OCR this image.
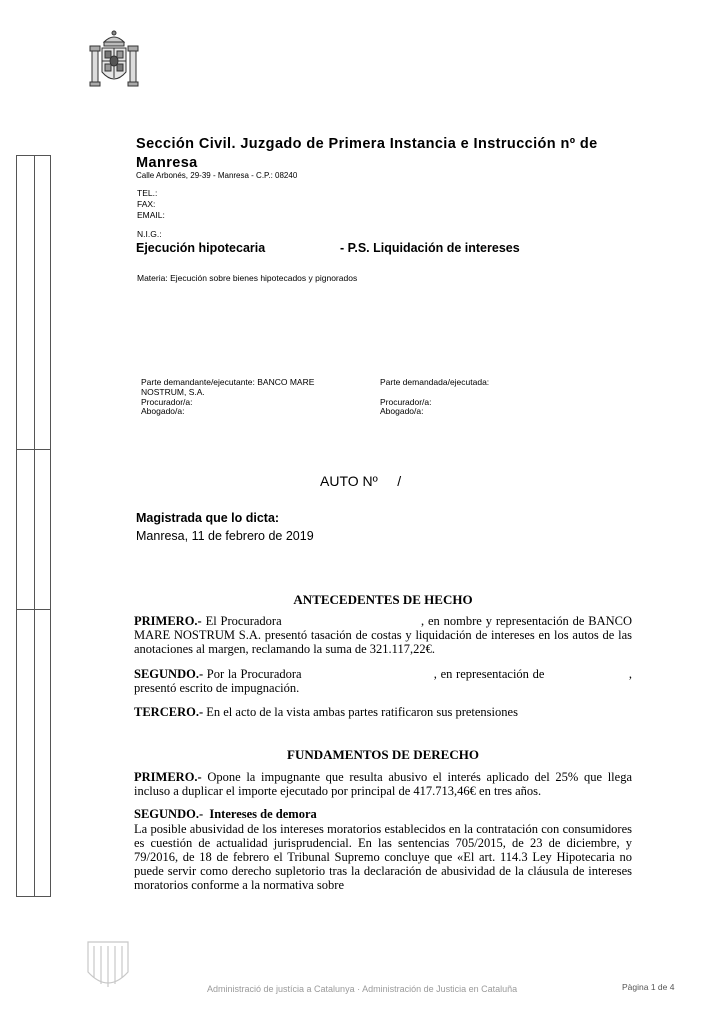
Sección Civil. Juzgado de Primera Instancia e Instrucción nº de Manresa
Calle Arbonés, 29-39 - Manresa - C.P.: 08240
TEL.:
FAX:
EMAIL:
N.I.G.:
Ejecución hipotecaria	- P.S. Liquidación de intereses
Materia: Ejecución sobre bienes hipotecados y pignorados
Parte demandante/ejecutante: BANCO MARE
NOSTRUM, S.A.
Procurador/a:
Abogado/a:
Parte demandada/ejecutada:
Procurador/a:
Abogado/a:
AUTO Nº     /
Magistrada que lo dicta:
Manresa, 11 de febrero de 2019
ANTECEDENTES DE HECHO
PRIMERO.- El Procuradora                                    , en nombre y representación de BANCO MARE NOSTRUM S.A. presentó tasación de costas y liquidación de intereses en los autos de las anotaciones al margen, reclamando la suma de 321.117,22€.
SEGUNDO.- Por la Procuradora                                    , en representación de                       , presentó escrito de impugnación.
TERCERO.- En el acto de la vista ambas partes ratificaron sus pretensiones
FUNDAMENTOS DE DERECHO
PRIMERO.- Opone la impugnante que resulta abusivo el interés aplicado del 25% que llega incluso a duplicar el importe ejecutado por principal de 417.713,46€ en tres años.
SEGUNDO.-  Intereses de demora
La posible abusividad de los intereses moratorios establecidos en la contratación con consumidores es cuestión de actualidad jurisprudencial. En las sentencias 705/2015, de 23 de diciembre, y 79/2016, de 18 de febrero el Tribunal Supremo concluye que «El art. 114.3 Ley Hipotecaria no puede servir como derecho supletorio tras la declaración de abusividad de la cláusula de intereses moratorios conforme a la normativa sobre
Administració de justícia a Catalunya · Administración de Justicia en Cataluña	Pàgina 1 de 4
